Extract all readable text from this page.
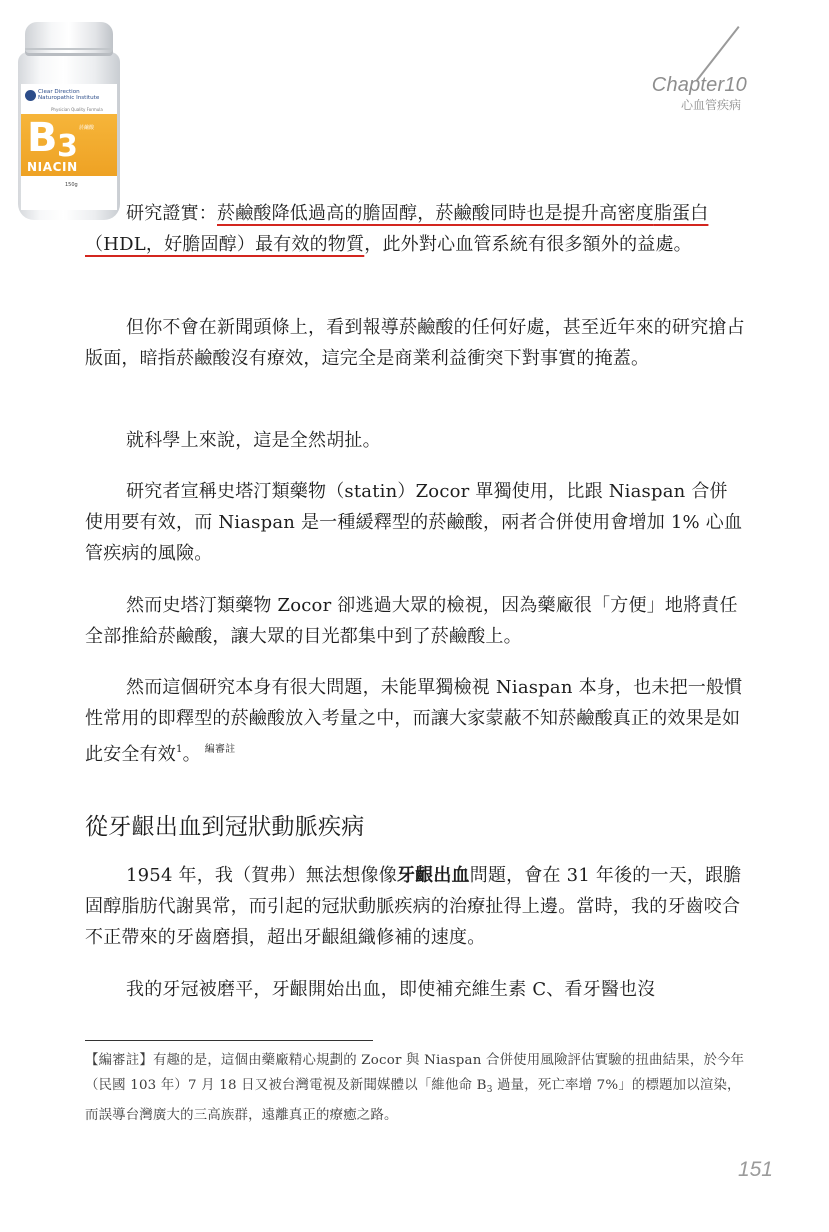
Chapter10
心血管疾病
Clear Direction
Naturopathic Institute
Physician Quality Formula
B 3
菸鹼酸
NIACIN
150g

研究證實：菸鹼酸降低過高的膽固醇，菸鹼酸同時也是提升高密度脂蛋白（HDL，好膽固醇）最有效的物質，此外對心血管系統有很多額外的益處。

但你不會在新聞頭條上，看到報導菸鹼酸的任何好處，甚至近年來的研究搶占版面，暗指菸鹼酸沒有療效，這完全是商業利益衝突下對事實的掩蓋。

就科學上來說，這是全然胡扯。

研究者宣稱史塔汀類藥物（statin）Zocor 單獨使用，比跟 Niaspan 合併使用要有效，而 Niaspan 是一種緩釋型的菸鹼酸，兩者合併使用會增加 1% 心血管疾病的風險。

然而史塔汀類藥物 Zocor 卻逃過大眾的檢視，因為藥廠很「方便」地將責任全部推給菸鹼酸，讓大眾的目光都集中到了菸鹼酸上。

然而這個研究本身有很大問題，未能單獨檢視 Niaspan 本身，也未把一般慣性常用的即釋型的菸鹼酸放入考量之中，而讓大家蒙蔽不知菸鹼酸真正的效果是如此安全有效$^1$。 $^{編審註}$

從牙齦出血到冠狀動脈疾病

1954 年，我（賀弗）無法想像像牙齦出血問題，會在 31 年後的一天，跟膽固醇脂肪代謝異常，而引起的冠狀動脈疾病的治療扯得上邊。當時，我的牙齒咬合不正帶來的牙齒磨損，超出牙齦組織修補的速度。

我的牙冠被磨平，牙齦開始出血，即使補充維生素 C、看牙醫也沒

【編審註】有趣的是，這個由藥廠精心規劃的 Zocor 與 Niaspan 合併使用風險評估實驗的扭曲結果，於今年（民國 103 年）7 月 18 日又被台灣電視及新聞媒體以「維他命 $B_3$ 過量，死亡率增 7%」的標題加以渲染，而誤導台灣廣大的三高族群，遠離真正的療癒之路。

151
